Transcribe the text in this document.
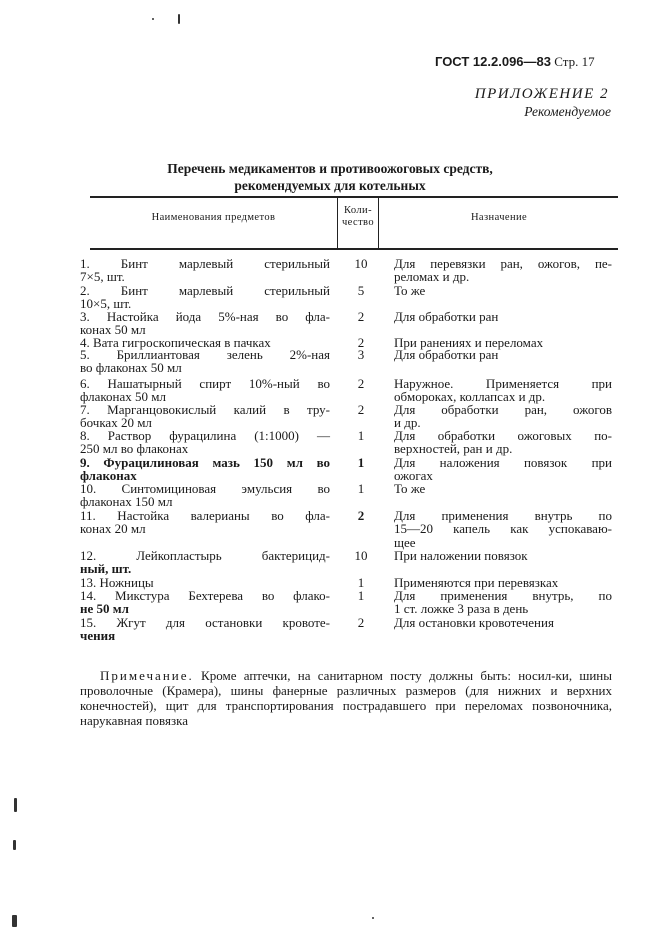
ГОСТ 12.2.096—83 Стр. 17
ПРИЛОЖЕНИЕ 2
Рекомендуемое
Перечень медикаментов и противоожоговых средств,
рекомендуемых для котельных
Наименования предметов
Коли-
чество	Назначение
1. Бинт марлевый стерильный
7×5, шт.
10	Для перевязки ран, ожогов, пе-
реломах и др.
2. Бинт марлевый стерильный
10×5, шт.
5	То же
3. Настойка йода 5%-ная во фла-
конах 50 мл
2	Для обработки ран
4. Вата гигроскопическая в пачках	2	При ранениях и переломах
5. Бриллиантовая зелень 2%-ная
во флаконах 50 мл
3	Для обработки ран
6. Нашатырный спирт 10%-ный во
флаконах 50 мл
2	Наружное. Применяется при
обмороках, коллапсах и др.
7. Марганцовокислый калий в тру-
бочках 20 мл
2	Для обработки ран, ожогов
и др.
8. Раствор фурацилина (1:1000) —
250 мл во флаконах
1	Для обработки ожоговых по-
верхностей, ран и др.
9. Фурацилиновая мазь 150 мл во
флаконах
1	Для наложения повязок при
ожогах
10. Синтомициновая эмульсия во
флаконах 150 мл
1	То же
11. Настойка валерианы во фла-
конах 20 мл
2	Для применения внутрь по
15—20 капель как успокаваю-
щее
12. Лейкопластырь бактерицид-
ный, шт.
10	При наложении повязок
13. Ножницы	1	Применяются при перевязках
14. Микстура Бехтерева во флако-
не 50 мл
1	Для применения внутрь, по
1 ст. ложке 3 раза в день
15. Жгут для остановки кровоте-
чения
2	Для остановки кровотечения
Примечание. Кроме аптечки, на санитарном посту должны быть: носил-ки, шины проволочные (Крамера), шины фанерные различных размеров (для нижних и верхних конечностей), щит для транспортирования пострадавшего при переломах позвоночника, нарукавная повязка
